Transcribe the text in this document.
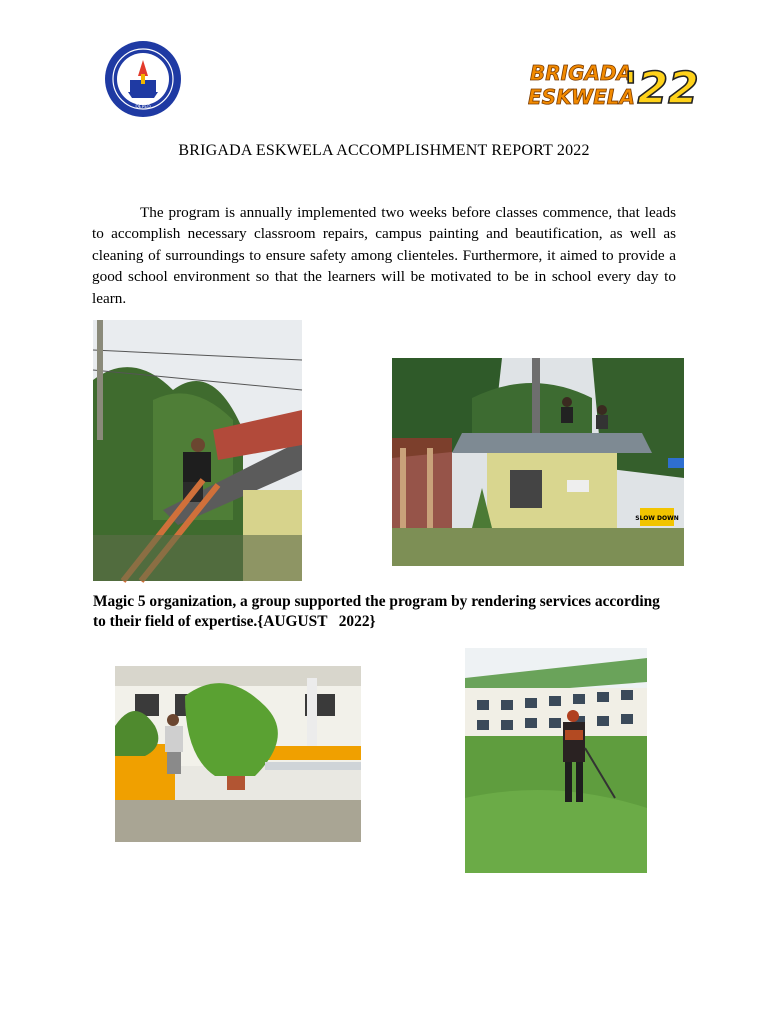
DEPED
BRIGADA
ESKWELA
'22
BRIGADA ESKWELA ACCOMPLISHMENT REPORT 2022

The program is annually implemented two weeks before classes commence, that leads to accomplish necessary classroom repairs, campus painting and beautification, as well as cleaning of surroundings to ensure safety among clienteles. Furthermore, it aimed to provide a good school environment so that the learners will be motivated to be in school every day to learn.

SLOW DOWN

Magic 5 organization, a group supported the program by rendering services according to their field of expertise.{AUGUST   2022}
